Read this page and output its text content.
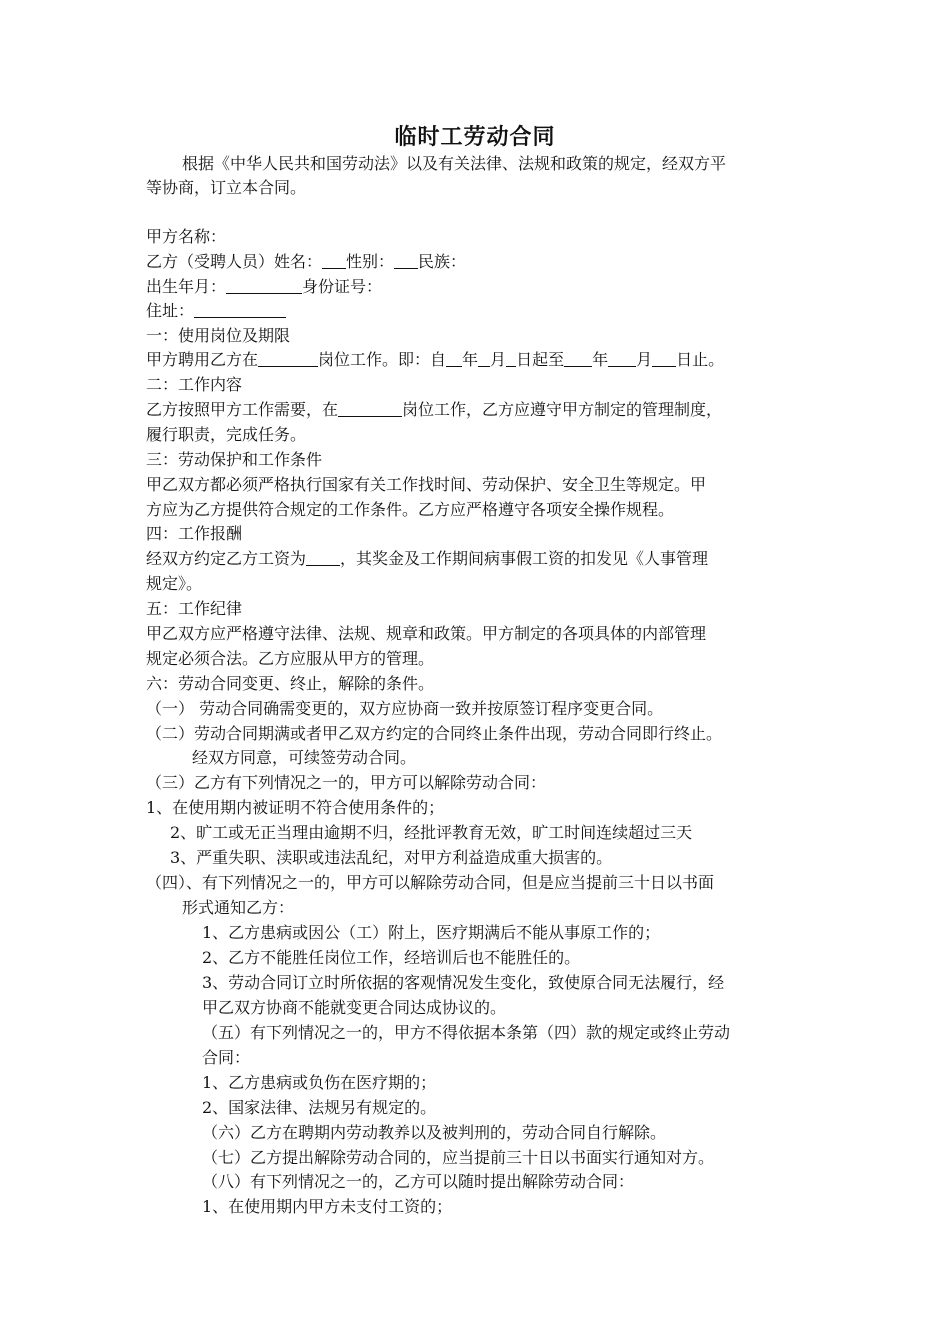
临时工劳动合同
根据《中华人民共和国劳动法》以及有关法律、法规和政策的规定，经双方平
等协商，订立本合同。
甲方名称：
乙方（受聘人员）姓名： 性别： 民族：
出生年月：	身份证号：
住址：
一：使用岗位及期限
甲方聘用乙方在	岗位工作。即：自 年 月 日起至 年 月 日止。
二：工作内容
乙方按照甲方工作需要，在	岗位工作，乙方应遵守甲方制定的管理制度，
履行职责，完成任务。
三：劳动保护和工作条件
甲乙双方都必须严格执行国家有关工作找时间、劳动保护、安全卫生等规定。甲
方应为乙方提供符合规定的工作条件。乙方应严格遵守各项安全操作规程。
四：工作报酬
经双方约定乙方工资为 ，其奖金及工作期间病事假工资的扣发见《人事管理
规定》。
五：工作纪律
甲乙双方应严格遵守法律、法规、规章和政策。甲方制定的各项具体的内部管理
规定必须合法。乙方应服从甲方的管理。
六：劳动合同变更、终止，解除的条件。
（一） 劳动合同确需变更的，双方应协商一致并按原签订程序变更合同。
（二）劳动合同期满或者甲乙双方约定的合同终止条件出现，劳动合同即行终止。
经双方同意，可续签劳动合同。
（三）乙方有下列情况之一的，甲方可以解除劳动合同：
1、在使用期内被证明不符合使用条件的；
2、旷工或无正当理由逾期不归，经批评教育无效，旷工时间连续超过三天
3、严重失职、渎职或违法乱纪，对甲方利益造成重大损害的。
（四）、有下列情况之一的，甲方可以解除劳动合同，但是应当提前三十日以书面
形式通知乙方：
1、乙方患病或因公（工）附上，医疗期满后不能从事原工作的；
2、乙方不能胜任岗位工作，经培训后也不能胜任的。
3、劳动合同订立时所依据的客观情况发生变化，致使原合同无法履行，经
甲乙双方协商不能就变更合同达成协议的。
（五）有下列情况之一的，甲方不得依据本条第（四）款的规定或终止劳动
合同：
1、乙方患病或负伤在医疗期的；
2、国家法律、法规另有规定的。
（六）乙方在聘期内劳动教养以及被判刑的，劳动合同自行解除。
（七）乙方提出解除劳动合同的，应当提前三十日以书面实行通知对方。
（八）有下列情况之一的，乙方可以随时提出解除劳动合同：
1、在使用期内甲方未支付工资的；
